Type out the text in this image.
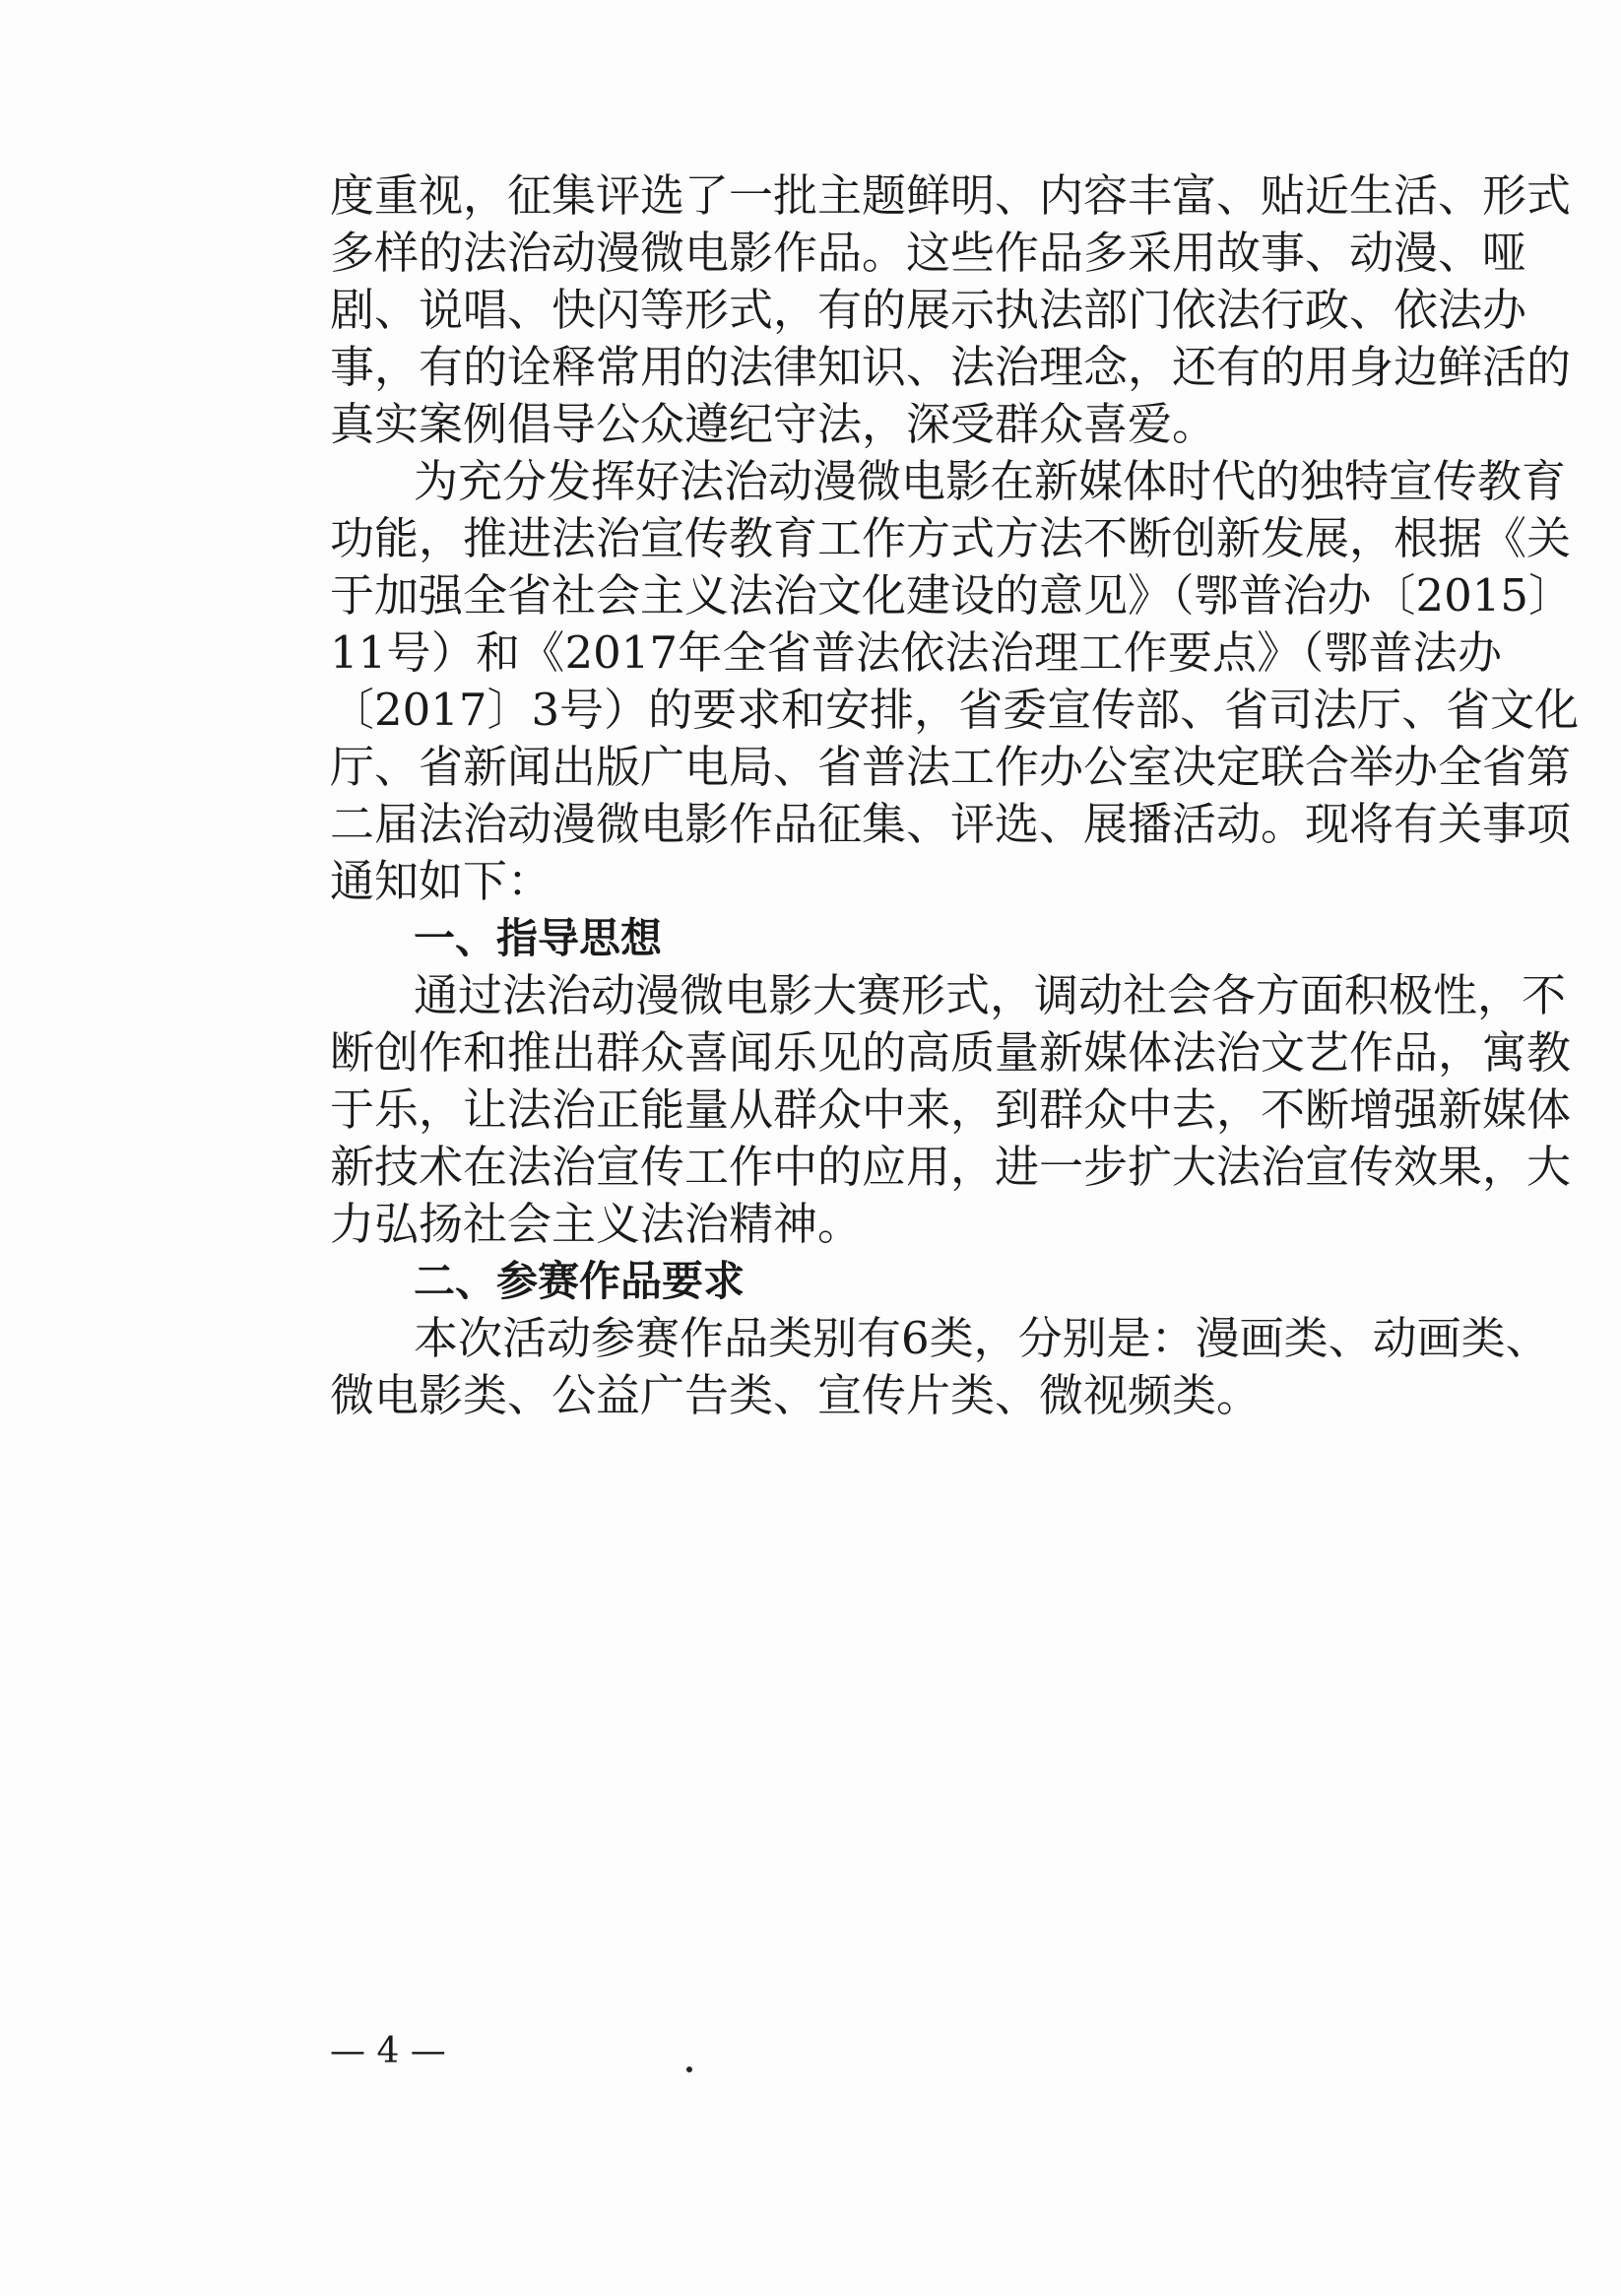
度重视，征集评选了一批主题鲜明、内容丰富、贴近生活、形式
多样的法治动漫微电影作品。这些作品多采用故事、动漫、哑
剧、说唱、快闪等形式，有的展示执法部门依法行政、依法办
事，有的诠释常用的法律知识、法治理念，还有的用身边鲜活的
真实案例倡导公众遵纪守法，深受群众喜爱。
为充分发挥好法治动漫微电影在新媒体时代的独特宣传教育
功能，推进法治宣传教育工作方式方法不断创新发展，根据《关
于加强全省社会主义法治文化建设的意见》（鄂普治办〔2015〕
11号）和《2017年全省普法依法治理工作要点》（鄂普法办
〔2017〕3号）的要求和安排，省委宣传部、省司法厅、省文化
厅、省新闻出版广电局、省普法工作办公室决定联合举办全省第
二届法治动漫微电影作品征集、评选、展播活动。现将有关事项
通知如下：
一、指导思想
通过法治动漫微电影大赛形式，调动社会各方面积极性，不
断创作和推出群众喜闻乐见的高质量新媒体法治文艺作品，寓教
于乐，让法治正能量从群众中来，到群众中去，不断增强新媒体
新技术在法治宣传工作中的应用，进一步扩大法治宣传效果，大
力弘扬社会主义法治精神。
二、参赛作品要求
本次活动参赛作品类别有6类，分别是：漫画类、动画类、
微电影类、公益广告类、宣传片类、微视频类。
— 4 —
